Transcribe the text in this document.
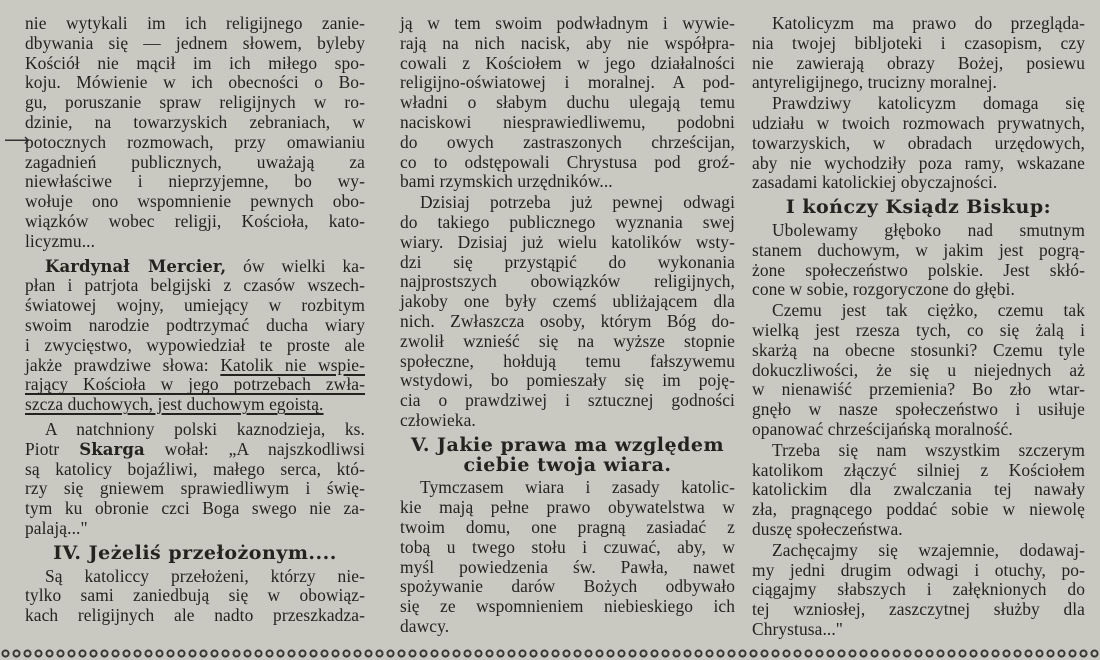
⟶
nie wytykali im ich religijnego zanie-
dbywania się — jednem słowem, byleby
Kościół nie mącił im ich miłego spo-
koju. Mówienie w ich obecności o Bo-
gu, poruszanie spraw religijnych w ro-
dzinie, na towarzyskich zebraniach, w
potocznych rozmowach, przy omawianiu
zagadnień publicznych, uważają za
niewłaściwe i nieprzyjemne, bo wy-
wołuje ono wspomnienie pewnych obo-
wiązków wobec religji, Kościoła, kato-
licyzmu...
Kardynał Mercier, ów wielki ka-
płan i patrjota belgijski z czasów wszech-
światowej wojny, umiejący w rozbitym
swoim narodzie podtrzymać ducha wiary
i zwycięstwo, wypowiedział te proste ale
jakże prawdziwe słowa: Katolik nie wspie-
rający Kościoła w jego potrzebach zwła-
szcza duchowych, jest duchowym egoistą.
A natchniony polski kaznodzieja, ks.
Piotr Skarga wołał: „A najszkodliwsi
są katolicy bojaźliwi, małego serca, któ-
rzy się gniewem sprawiedliwym i świę-
tym ku obronie czci Boga swego nie za-
palają..."
IV. Jeżeliś przełożonym....
Są katoliccy przełożeni, którzy nie-
tylko sami zaniedbują się w obowiąz-
kach religijnych ale nadto przeszkadza-
ją w tem swoim podwładnym i wywie-
rają na nich nacisk, aby nie współpra-
cowali z Kościołem w jego działalności
religijno-oświatowej i moralnej. A pod-
władni o słabym duchu ulegają temu
naciskowi niesprawiedliwemu, podobni
do owych zastraszonych chrześcijan,
co to odstępowali Chrystusa pod groź-
bami rzymskich urzędników...
Dzisiaj potrzeba już pewnej odwagi
do takiego publicznego wyznania swej
wiary. Dzisiaj już wielu katolików wsty-
dzi się przystąpić do wykonania
najprostszych obowiązków religijnych,
jakoby one były czemś ubliżającem dla
nich. Zwłaszcza osoby, którym Bóg do-
zwolił wznieść się na wyższe stopnie
społeczne, hołdują temu fałszywemu
wstydowi, bo pomieszały się im poję-
cia o prawdziwej i sztucznej godności
człowieka.
V. Jakie prawa ma względem
ciebie twoja wiara.
Tymczasem wiara i zasady katolic-
kie mają pełne prawo obywatelstwa w
twoim domu, one pragną zasiadać z
tobą u twego stołu i czuwać, aby, w
myśl powiedzenia św. Pawła, nawet
spożywanie darów Bożych odbywało
się ze wspomnieniem niebieskiego ich
dawcy.
Katolicyzm ma prawo do przegląda-
nia twojej bibljoteki i czasopism, czy
nie zawierają obrazy Bożej, posiewu
antyreligijnego, trucizny moralnej.
Prawdziwy katolicyzm domaga się
udziału w twoich rozmowach prywatnych,
towarzyskich, w obradach urzędowych,
aby nie wychodziły poza ramy, wskazane
zasadami katolickiej obyczajności.
I kończy Ksiądz Biskup:
Ubolewamy głęboko nad smutnym
stanem duchowym, w jakim jest pogrą-
żone społeczeństwo polskie. Jest skłó-
cone w sobie, rozgoryczone do głębi.
Czemu jest tak ciężko, czemu tak
wielką jest rzesza tych, co się żalą i
skarżą na obecne stosunki? Czemu tyle
dokuczliwości, że się u niejednych aż
w nienawiść przemienia? Bo zło wtar-
gnęło w nasze społeczeństwo i usiłuje
opanować chrześcijańską moralność.
Trzeba się nam wszystkim szczerym
katolikom złączyć silniej z Kościołem
katolickim dla zwalczania tej nawały
zła, pragnącego poddać sobie w niewolę
duszę społeczeństwa.
Zachęcajmy się wzajemnie, dodawaj-
my jedni drugim odwagi i otuchy, po-
ciągajmy słabszych i załęknionych do
tej wzniosłej, zaszczytnej służby dla
Chrystusa..."
